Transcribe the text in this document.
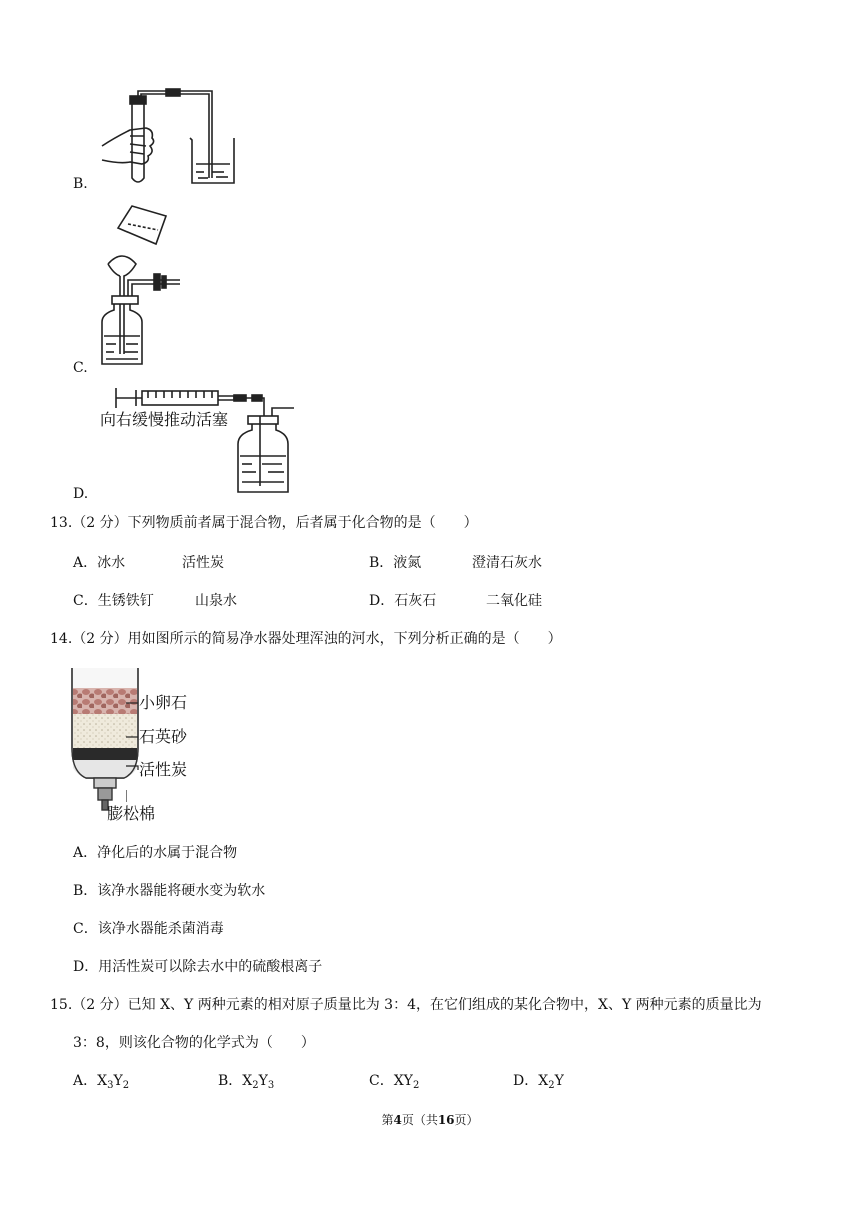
B.
C.
D.
向右缓慢推动活塞
13.（2 分）下列物质前者属于混合物，后者属于化合物的是（　　）
A．冰水	活性炭	B．液氮	澄清石灰水
C．生锈铁钉	山泉水	D．石灰石	二氧化硅
14.（2 分）用如图所示的简易净水器处理浑浊的河水，下列分析正确的是（　　）
小卵石
石英砂
活性炭
膨松棉
A．净化后的水属于混合物
B．该净水器能将硬水变为软水
C．该净水器能杀菌消毒
D．用活性炭可以除去水中的硫酸根离子
15.（2 分）已知 X、Y 两种元素的相对原子质量比为 3：4，在它们组成的某化合物中，X、Y 两种元素的质量比为
3：8，则该化合物的化学式为（　　）
A．$X_3Y_2$	B．$X_2Y_3$	C．$XY_2$	D．$X_2Y$
第4页（共16页）
